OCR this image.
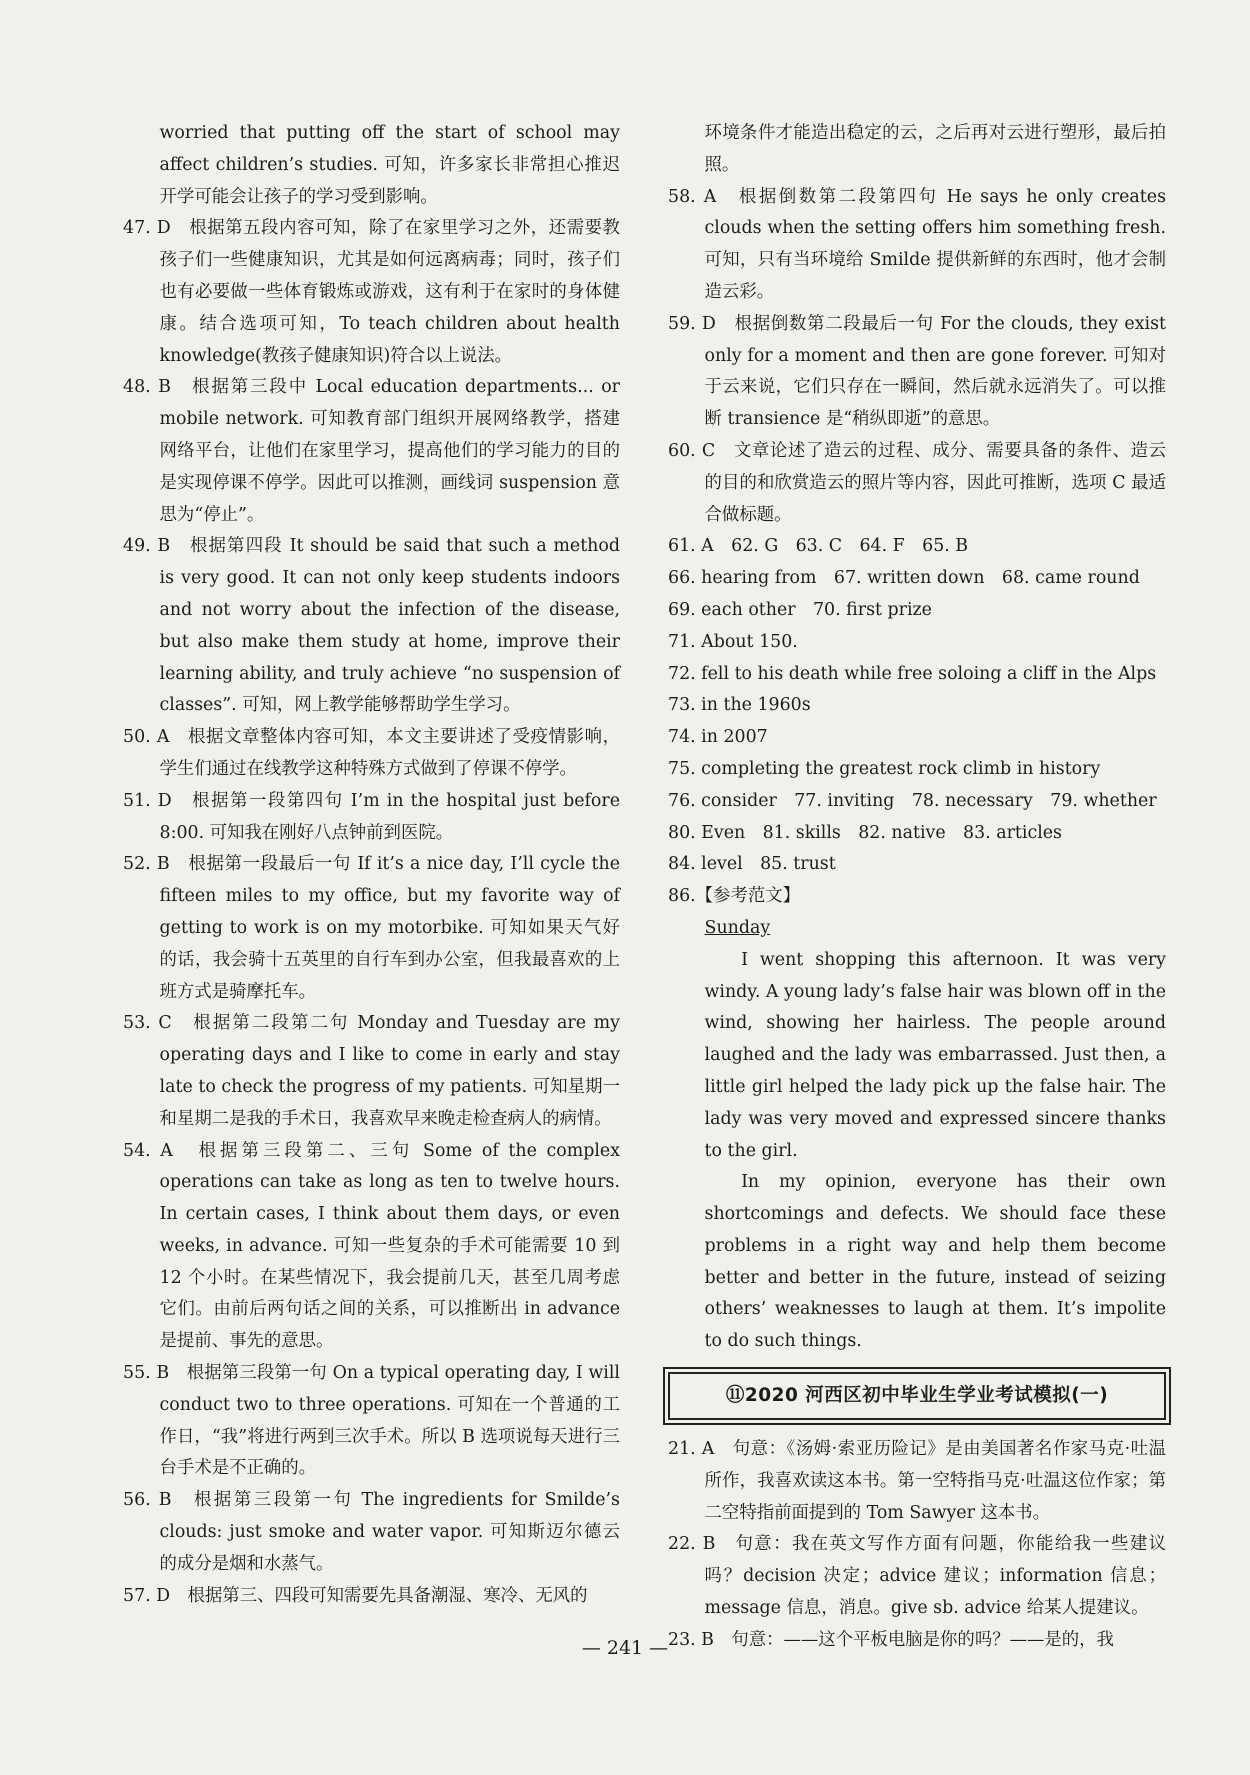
worried that putting off the start of school may affect children’s studies. 可知，许多家长非常担心推迟开学可能会让孩子的学习受到影响。

47. D　根据第五段内容可知，除了在家里学习之外，还需要教孩子们一些健康知识，尤其是如何远离病毒；同时，孩子们也有必要做一些体育锻炼或游戏，这有利于在家时的身体健康。结合选项可知，To teach children about health knowledge(教孩子健康知识)符合以上说法。

48. B　根据第三段中 Local education departments... or mobile network. 可知教育部门组织开展网络教学，搭建网络平台，让他们在家里学习，提高他们的学习能力的目的是实现停课不停学。因此可以推测，画线词 suspension 意思为“停止”。

49. B　根据第四段 It should be said that such a method is very good. It can not only keep students indoors and not worry about the infection of the disease, but also make them study at home, improve their learning ability, and truly achieve “no suspension of classes”. 可知，网上教学能够帮助学生学习。

50. A　根据文章整体内容可知，本文主要讲述了受疫情影响，学生们通过在线教学这种特殊方式做到了停课不停学。

51. D　根据第一段第四句 I’m in the hospital just before 8:00. 可知我在刚好八点钟前到医院。

52. B　根据第一段最后一句 If it’s a nice day, I’ll cycle the fifteen miles to my office, but my favorite way of getting to work is on my motorbike. 可知如果天气好的话，我会骑十五英里的自行车到办公室，但我最喜欢的上班方式是骑摩托车。

53. C　根据第二段第二句 Monday and Tuesday are my operating days and I like to come in early and stay late to check the progress of my patients. 可知星期一和星期二是我的手术日，我喜欢早来晚走检查病人的病情。

54. A　根据第三段第二、三句 Some of the complex operations can take as long as ten to twelve hours. In certain cases, I think about them days, or even weeks, in advance. 可知一些复杂的手术可能需要 10 到 12 个小时。在某些情况下，我会提前几天，甚至几周考虑它们。由前后两句话之间的关系，可以推断出 in advance 是提前、事先的意思。

55. B　根据第三段第一句 On a typical operating day, I will conduct two to three operations. 可知在一个普通的工作日，“我”将进行两到三次手术。所以 B 选项说每天进行三台手术是不正确的。

56. B　根据第三段第一句 The ingredients for Smilde’s clouds: just smoke and water vapor. 可知斯迈尔德云的成分是烟和水蒸气。

57. D　根据第三、四段可知需要先具备潮湿、寒冷、无风的

环境条件才能造出稳定的云，之后再对云进行塑形，最后拍照。

58. A　根据倒数第二段第四句 He says he only creates clouds when the setting offers him something fresh. 可知，只有当环境给 Smilde 提供新鲜的东西时，他才会制造云彩。

59. D　根据倒数第二段最后一句 For the clouds, they exist only for a moment and then are gone forever. 可知对于云来说，它们只存在一瞬间，然后就永远消失了。可以推断 transience 是“稍纵即逝”的意思。

60. C　文章论述了造云的过程、成分、需要具备的条件、造云的目的和欣赏造云的照片等内容，因此可推断，选项 C 最适合做标题。

61. A　62. G　63. C　64. F　65. B

66. hearing from　67. written down　68. came round

69. each other　70. first prize

71. About 150.

72. fell to his death while free soloing a cliff in the Alps

73. in the 1960s

74. in 2007

75. completing the greatest rock climb in history

76. consider　77. inviting　78. necessary　79. whether

80. Even　81. skills　82. native　83. articles

84. level　85. trust

86.【参考范文】

Sunday

I went shopping this afternoon. It was very windy. A young lady’s false hair was blown off in the wind, showing her hairless. The people around laughed and the lady was embarrassed. Just then, a little girl helped the lady pick up the false hair. The lady was very moved and expressed sincere thanks to the girl.

In my opinion, everyone has their own shortcomings and defects. We should face these problems in a right way and help them become better and better in the future, instead of seizing others’ weaknesses to laugh at them. It’s impolite to do such things.

⑪2020 河西区初中毕业生学业考试模拟(一)

21. A　句意：《汤姆·索亚历险记》是由美国著名作家马克·吐温所作，我喜欢读这本书。第一空特指马克·吐温这位作家；第二空特指前面提到的 Tom Sawyer 这本书。

22. B　句意：我在英文写作方面有问题，你能给我一些建议吗？decision 决定；advice 建议；information 信息；message 信息，消息。give sb. advice 给某人提建议。

23. B　句意：——这个平板电脑是你的吗？——是的，我

— 241 —
